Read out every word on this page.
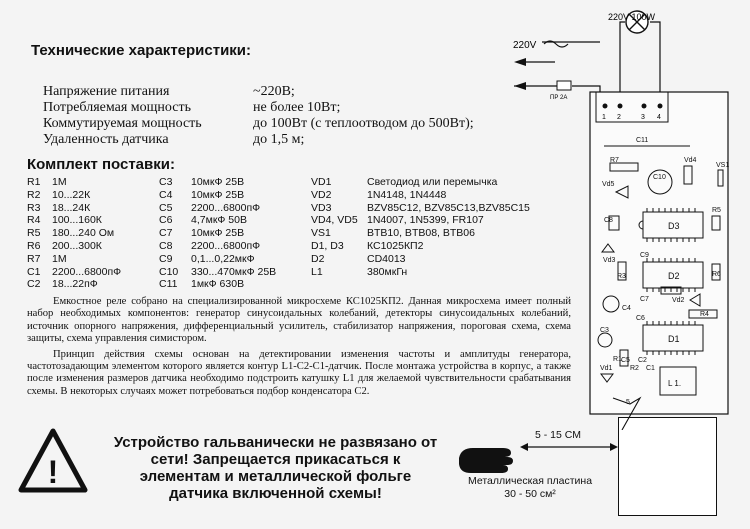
Технические характеристики:
Напряжение питания	~220В;
Потребляемая мощность	не более 10Вт;
Коммутируемая мощность	до 100Вт (с теплоотводом до 500Вт);
Удаленность датчика	до 1,5 м;
Комплект поставки:
R1 1М
R2 10...22К
R3 18...24К
R4 100...160К
R5 180...240 Ом
R6 200...300К
R7 1М
C1 2200...6800пФ
C2 18...22пФ
C3 10мкФ 25В
C4 10мкФ 25В
C5 2200...6800пФ
C6 4,7мкФ 50В
C7 10мкФ 25В
C8 2200...6800пФ
C9 0,1...0,22мкФ
C10 330...470мкФ 25В
C11 1мкФ 630В
VD1	Светодиод или перемычка
VD2	1N4148, 1N4448
VD3	BZV85C12, BZV85C13,BZV85C15
VD4, VD5 1N4007, 1N5399, FR107
VS1	BTB10, BTB08, BTB06
D1, D3 КС1025КП2
D2	CD4013
L1	380мкГн
Емкостное реле собрано на специализированной микросхеме КС1025КП2. Данная микросхема имеет полный набор необходимых компонентов: генератор синусоидальных колебаний, детекторы синусоидальных колебаний, источник опорного напряжения, дифференциальный усилитель, стабилизатор напряжения, пороговая схема, схема защиты, схема управления симистором.
Принцип действия схемы основан на детектировании изменения частоты и амплитуды генератора, частотозадающим элементом которого является контур L1-C2-C1-датчик. После монтажа устройства в корпус, а также после изменения размеров датчика необходимо подстроить катушку L1 для желаемой чувствительности срабатывания схемы. В некоторых случаях может потребоваться подбор конденсатора С2.
!
Устройство гальванически не развязано от
сети! Запрещается прикасаться к
элементам и металлической фольге
датчика включенной схемы!
5 - 15 СМ
Металлическая пластина
30 - 50 см²
220V 100W
220V
ПР 2А
1 2	3 4
C11
R7	Vd4
Vd5
C10
VS1
C8
D3
R5
Vd3
C9
R3	D2	R6
C7	Vd2
R4
C4
C6
C3
D1
R1
Vd1
C5
R2
C2
C1
L 1.
5
